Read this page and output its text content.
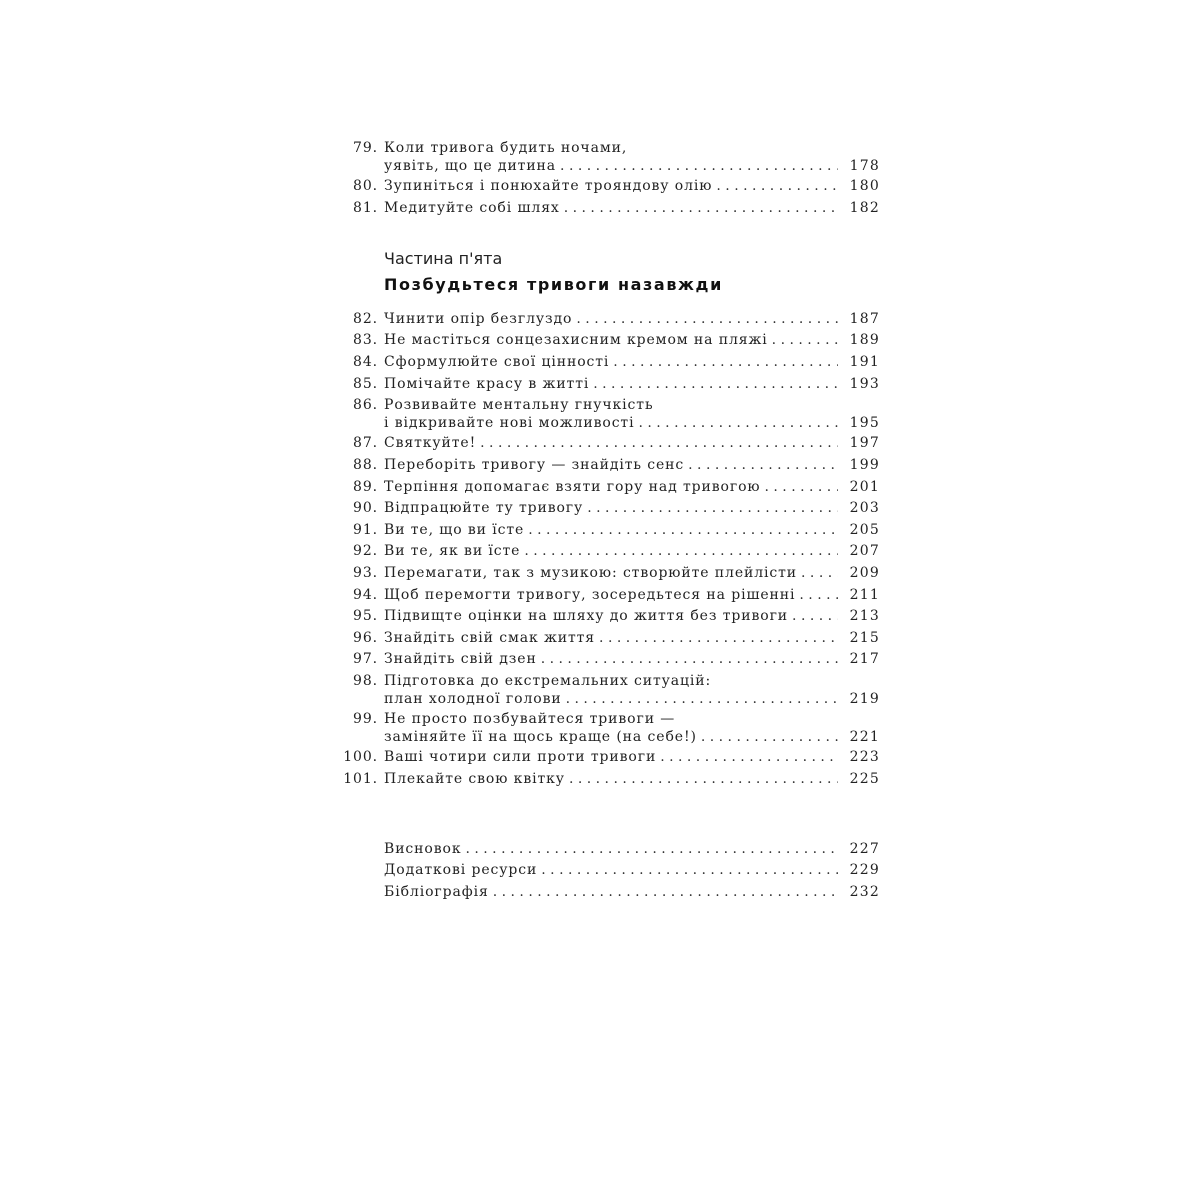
79. Коли тривога будить ночами,
уявіть, що це дитина . . .	178
80. Зупиніться і понюхайте трояндову олію . . .	180
81. Медитуйте собі шлях . . .	182
Частина п'ята
Позбудьтеся тривоги назавжди
82. Чинити опір безглуздо . . .	187
83. Не мастіться сонцезахисним кремом на пляжі . . .	189
84. Сформулюйте свої цінності . . .	191
85. Помічайте красу в житті . . .	193
86. Розвивайте ментальну гнучкість
і відкривайте нові можливості . . .	195
87. Святкуйте! . . .	197
88. Переборіть тривогу — знайдіть сенс . . .	199
89. Терпіння допомагає взяти гору над тривогою . . .	201
90. Відпрацюйте ту тривогу . . .	203
91. Ви те, що ви їсте . . .	205
92. Ви те, як ви їсте . . .	207
93. Перемагати, так з музикою: створюйте плейлісти . . .	209
94. Щоб перемогти тривогу, зосередьтеся на рішенні . . .	211
95. Підвищте оцінки на шляху до життя без тривоги . . .	213
96. Знайдіть свій смак життя . . .	215
97. Знайдіть свій дзен . . .	217
98. Підготовка до екстремальних ситуацій:
план холодної голови . . .	219
99. Не просто позбувайтеся тривоги —
заміняйте її на щось краще (на себе!) . . .	221
100. Ваші чотири сили проти тривоги . . .	223
101. Плекайте свою квітку . . .	225
Висновок . . .	227
Додаткові ресурси . . .	229
Бібліографія . . .	232
